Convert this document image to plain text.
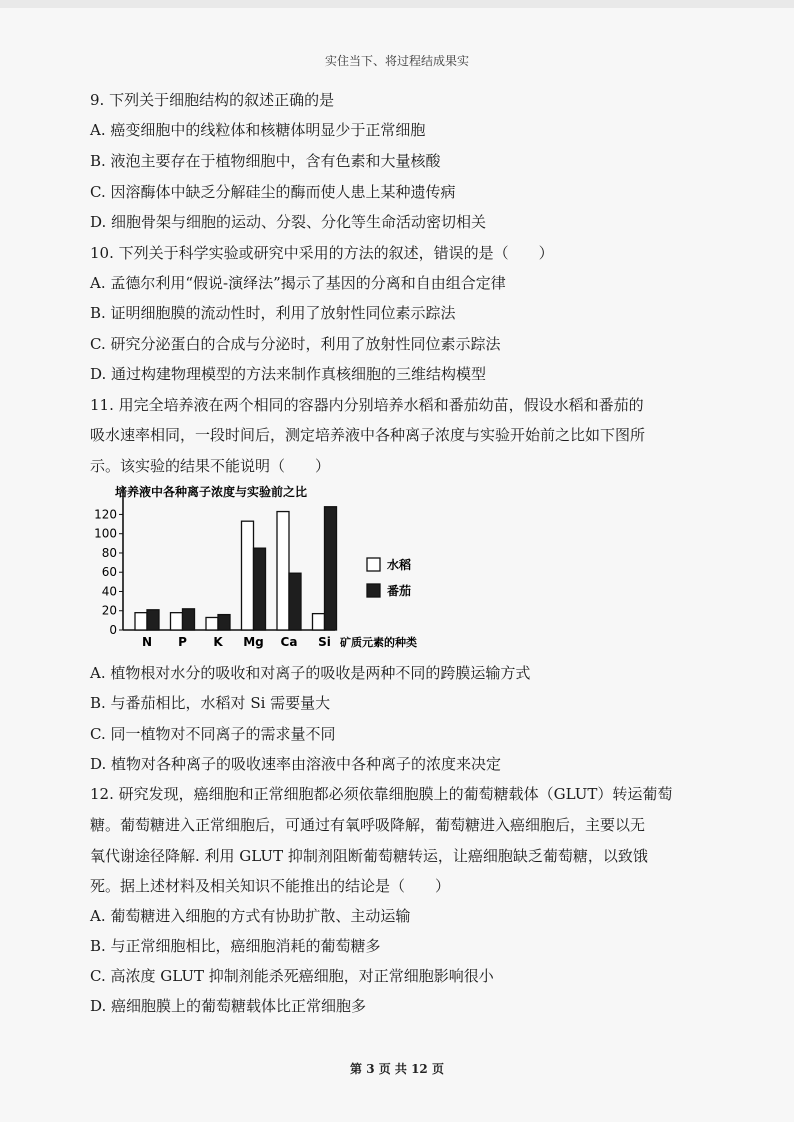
实住当下、将过程结成果实
9. 下列关于细胞结构的叙述正确的是
A. 癌变细胞中的线粒体和核糖体明显少于正常细胞
B. 液泡主要存在于植物细胞中，含有色素和大量核酸
C. 因溶酶体中缺乏分解硅尘的酶而使人患上某种遗传病
D. 细胞骨架与细胞的运动、分裂、分化等生命活动密切相关
10. 下列关于科学实验或研究中采用的方法的叙述，错误的是（　　）
A. 孟德尔利用“假说-演绎法”揭示了基因的分离和自由组合定律
B. 证明细胞膜的流动性时，利用了放射性同位素示踪法
C. 研究分泌蛋白的合成与分泌时，利用了放射性同位素示踪法
D. 通过构建物理模型的方法来制作真核细胞的三维结构模型
11. 用完全培养液在两个相同的容器内分别培养水稻和番茄幼苗，假设水稻和番茄的
吸水速率相同，一段时间后，测定培养液中各种离子浓度与实验开始前之比如下图所
示。该实验的结果不能说明（　　）
培养液中各种离子浓度与实验前之比
矿质元素的种类
0
20
40
60
80
100
120
N P K Mg Ca Si
水稻
番茄
A. 植物根对水分的吸收和对离子的吸收是两种不同的跨膜运输方式
B. 与番茄相比，水稻对 Si 需要量大
C. 同一植物对不同离子的需求量不同
D. 植物对各种离子的吸收速率由溶液中各种离子的浓度来决定
12. 研究发现，癌细胞和正常细胞都必须依靠细胞膜上的葡萄糖载体（GLUT）转运葡萄
糖。葡萄糖进入正常细胞后，可通过有氧呼吸降解，葡萄糖进入癌细胞后，主要以无
氧代谢途径降解. 利用 GLUT 抑制剂阻断葡萄糖转运，让癌细胞缺乏葡萄糖，以致饿
死。据上述材料及相关知识不能推出的结论是（　　）
A. 葡萄糖进入细胞的方式有协助扩散、主动运输
B. 与正常细胞相比，癌细胞消耗的葡萄糖多
C. 高浓度 GLUT 抑制剂能杀死癌细胞，对正常细胞影响很小
D. 癌细胞膜上的葡萄糖载体比正常细胞多
第 3 页 共 12 页
